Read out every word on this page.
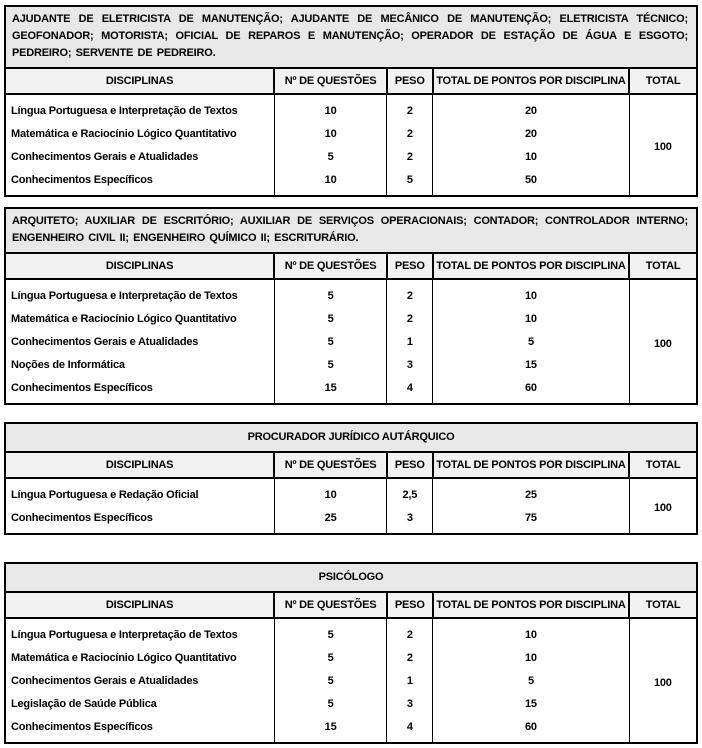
AJUDANTE DE ELETRICISTA DE MANUTENÇÃO; AJUDANTE DE MECÂNICO DE MANUTENÇÃO; ELETRICISTA TÉCNICO; GEOFONADOR; MOTORISTA; OFICIAL DE REPAROS E MANUTENÇÃO; OPERADOR DE ESTAÇÃO DE ÁGUA E ESGOTO; PEDREIRO; SERVENTE DE PEDREIRO.				
DISCIPLINAS	Nº DE QUESTÕES	PESO	TOTAL DE PONTOS POR DISCIPLINA	TOTAL
Língua Portuguesa e Interpretação de Textos	10	2	20	100
Matemática e Raciocínio Lógico Quantitativo	10	2	20	
Conhecimentos Gerais e Atualidades	5	2	10	
Conhecimentos Específicos	10	5	50	
ARQUITETO; AUXILIAR DE ESCRITÓRIO; AUXILIAR DE SERVIÇOS OPERACIONAIS; CONTADOR; CONTROLADOR INTERNO; ENGENHEIRO CIVIL II; ENGENHEIRO QUÍMICO II; ESCRITURÁRIO.				
DISCIPLINAS	Nº DE QUESTÕES	PESO	TOTAL DE PONTOS POR DISCIPLINA	TOTAL
Língua Portuguesa e Interpretação de Textos	5	2	10	100
Matemática e Raciocínio Lógico Quantitativo	5	2	10	
Conhecimentos Gerais e Atualidades	5	1	5	
Noções de Informática	5	3	15	
Conhecimentos Específicos	15	4	60	
PROCURADOR JURÍDICO AUTÁRQUICO				
DISCIPLINAS	Nº DE QUESTÕES	PESO	TOTAL DE PONTOS POR DISCIPLINA	TOTAL
Língua Portuguesa e Redação Oficial	10	2,5	25	100
Conhecimentos Específicos	25	3	75	
PSICÓLOGO				
DISCIPLINAS	Nº DE QUESTÕES	PESO	TOTAL DE PONTOS POR DISCIPLINA	TOTAL
Língua Portuguesa e Interpretação de Textos	5	2	10	100
Matemática e Raciocínio Lógico Quantitativo	5	2	10	
Conhecimentos Gerais e Atualidades	5	1	5	
Legislação de Saúde Pública	5	3	15	
Conhecimentos Específicos	15	4	60	
